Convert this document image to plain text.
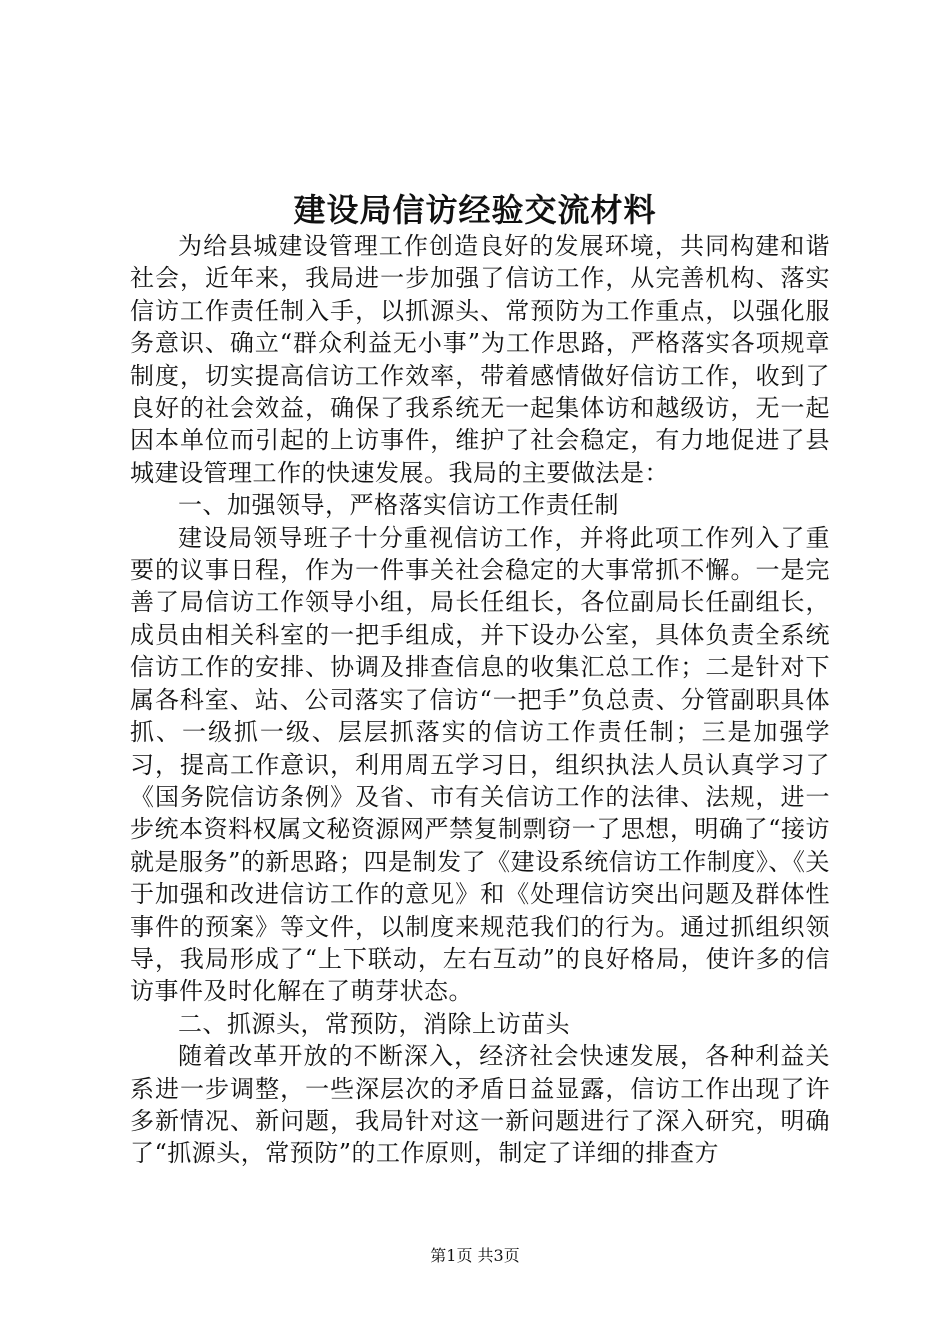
建设局信访经验交流材料

为给县城建设管理工作创造良好的发展环境，共同构建和谐社会，近年来，我局进一步加强了信访工作，从完善机构、落实信访工作责任制入手，以抓源头、常预防为工作重点，以强化服务意识、确立“群众利益无小事”为工作思路，严格落实各项规章制度，切实提高信访工作效率，带着感情做好信访工作，收到了良好的社会效益，确保了我系统无一起集体访和越级访，无一起因本单位而引起的上访事件，维护了社会稳定，有力地促进了县城建设管理工作的快速发展。我局的主要做法是：

一、加强领导，严格落实信访工作责任制

建设局领导班子十分重视信访工作，并将此项工作列入了重要的议事日程，作为一件事关社会稳定的大事常抓不懈。一是完善了局信访工作领导小组，局长任组长，各位副局长任副组长，成员由相关科室的一把手组成，并下设办公室，具体负责全系统信访工作的安排、协调及排查信息的收集汇总工作；二是针对下属各科室、站、公司落实了信访“一把手”负总责、分管副职具体抓、一级抓一级、层层抓落实的信访工作责任制；三是加强学习，提高工作意识，利用周五学习日，组织执法人员认真学习了《国务院信访条例》及省、市有关信访工作的法律、法规，进一步统本资料权属文秘资源网严禁复制剽窃一了思想，明确了“接访就是服务”的新思路；四是制发了《建设系统信访工作制度》、《关于加强和改进信访工作的意见》和《处理信访突出问题及群体性事件的预案》等文件，以制度来规范我们的行为。通过抓组织领导，我局形成了“上下联动，左右互动”的良好格局，使许多的信访事件及时化解在了萌芽状态。

二、抓源头，常预防，消除上访苗头

随着改革开放的不断深入，经济社会快速发展，各种利益关系进一步调整，一些深层次的矛盾日益显露，信访工作出现了许多新情况、新问题，我局针对这一新问题进行了深入研究，明确了“抓源头，常预防”的工作原则，制定了详细的排查方

第1页 共3页
